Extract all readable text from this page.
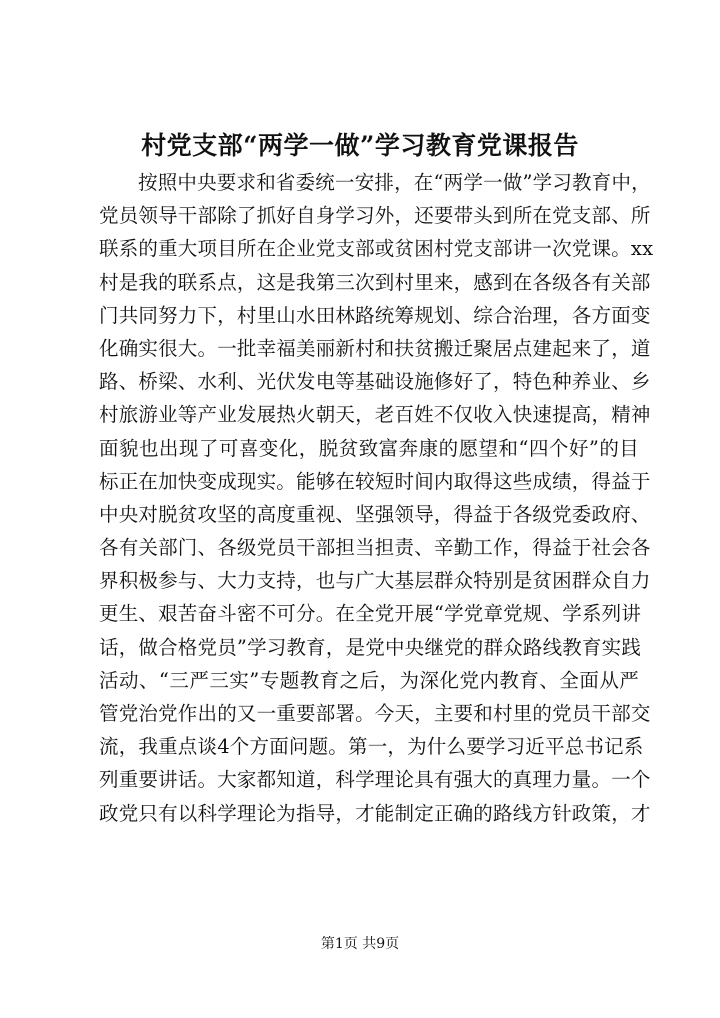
村党支部“两学一做”学习教育党课报告
按照中央要求和省委统一安排，在“两学一做”学习教育中，
党员领导干部除了抓好自身学习外，还要带头到所在党支部、所
联系的重大项目所在企业党支部或贫困村党支部讲一次党课。xx
村是我的联系点，这是我第三次到村里来，感到在各级各有关部
门共同努力下，村里山水田林路统筹规划、综合治理，各方面变
化确实很大。一批幸福美丽新村和扶贫搬迁聚居点建起来了，道
路、桥梁、水利、光伏发电等基础设施修好了，特色种养业、乡
村旅游业等产业发展热火朝天，老百姓不仅收入快速提高，精神
面貌也出现了可喜变化，脱贫致富奔康的愿望和“四个好”的目
标正在加快变成现实。能够在较短时间内取得这些成绩，得益于
中央对脱贫攻坚的高度重视、坚强领导，得益于各级党委政府、
各有关部门、各级党员干部担当担责、辛勤工作，得益于社会各
界积极参与、大力支持，也与广大基层群众特别是贫困群众自力
更生、艰苦奋斗密不可分。在全党开展“学党章党规、学系列讲
话，做合格党员”学习教育，是党中央继党的群众路线教育实践
活动、“三严三实”专题教育之后，为深化党内教育、全面从严
管党治党作出的又一重要部署。今天，主要和村里的党员干部交
流，我重点谈4个方面问题。第一，为什么要学习近平总书记系
列重要讲话。大家都知道，科学理论具有强大的真理力量。一个
政党只有以科学理论为指导，才能制定正确的路线方针政策，才
第1页 共9页
